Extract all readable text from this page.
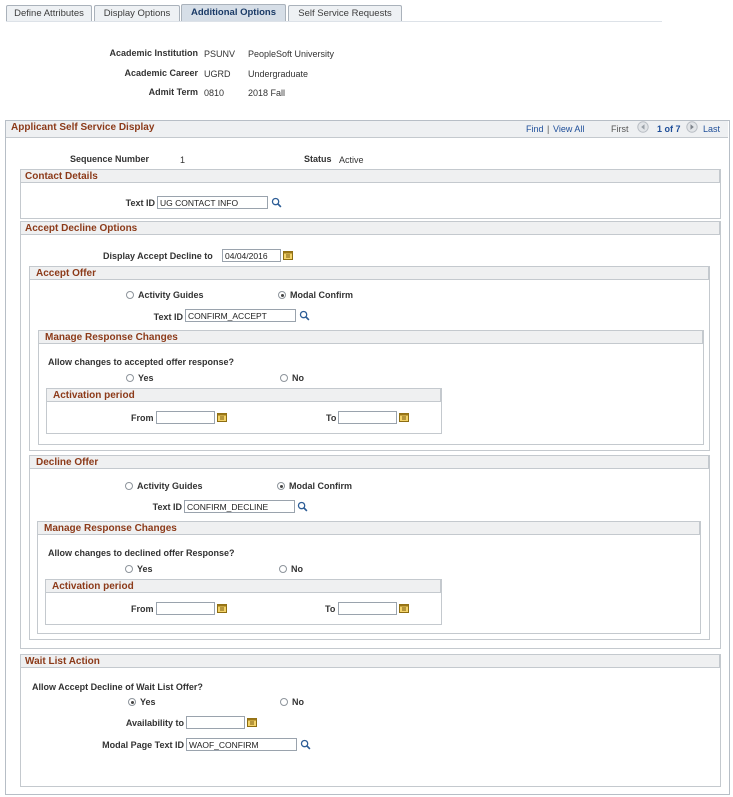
Define Attributes	Display Options	Additional Options	Self Service Requests
Academic Institution PSUNV PeopleSoft University
Academic Career UGRD Undergraduate
Admit Term 0810	2018 Fall
Applicant Self Service Display	Find | View All	First	1 of 7 Last
Sequence Number	1	Status Active
Contact Details
Text ID UG CONTACT INFO
Accept Decline Options
Display Accept Decline to	04/04/2016
Accept Offer
Activity Guides	Modal Confirm
Text ID CONFIRM_ACCEPT
Manage Response Changes
Allow changes to accepted offer response?
Yes	No
Activation period
From	To
Decline Offer
Activity Guides	Modal Confirm
Text ID CONFIRM_DECLINE
Manage Response Changes
Allow changes to declined offer Response?
Yes	No
Activation period
From	To
Wait List Action
Allow Accept Decline of Wait List Offer?
Yes	No
Availability to
Modal Page Text ID WAOF_CONFIRM
